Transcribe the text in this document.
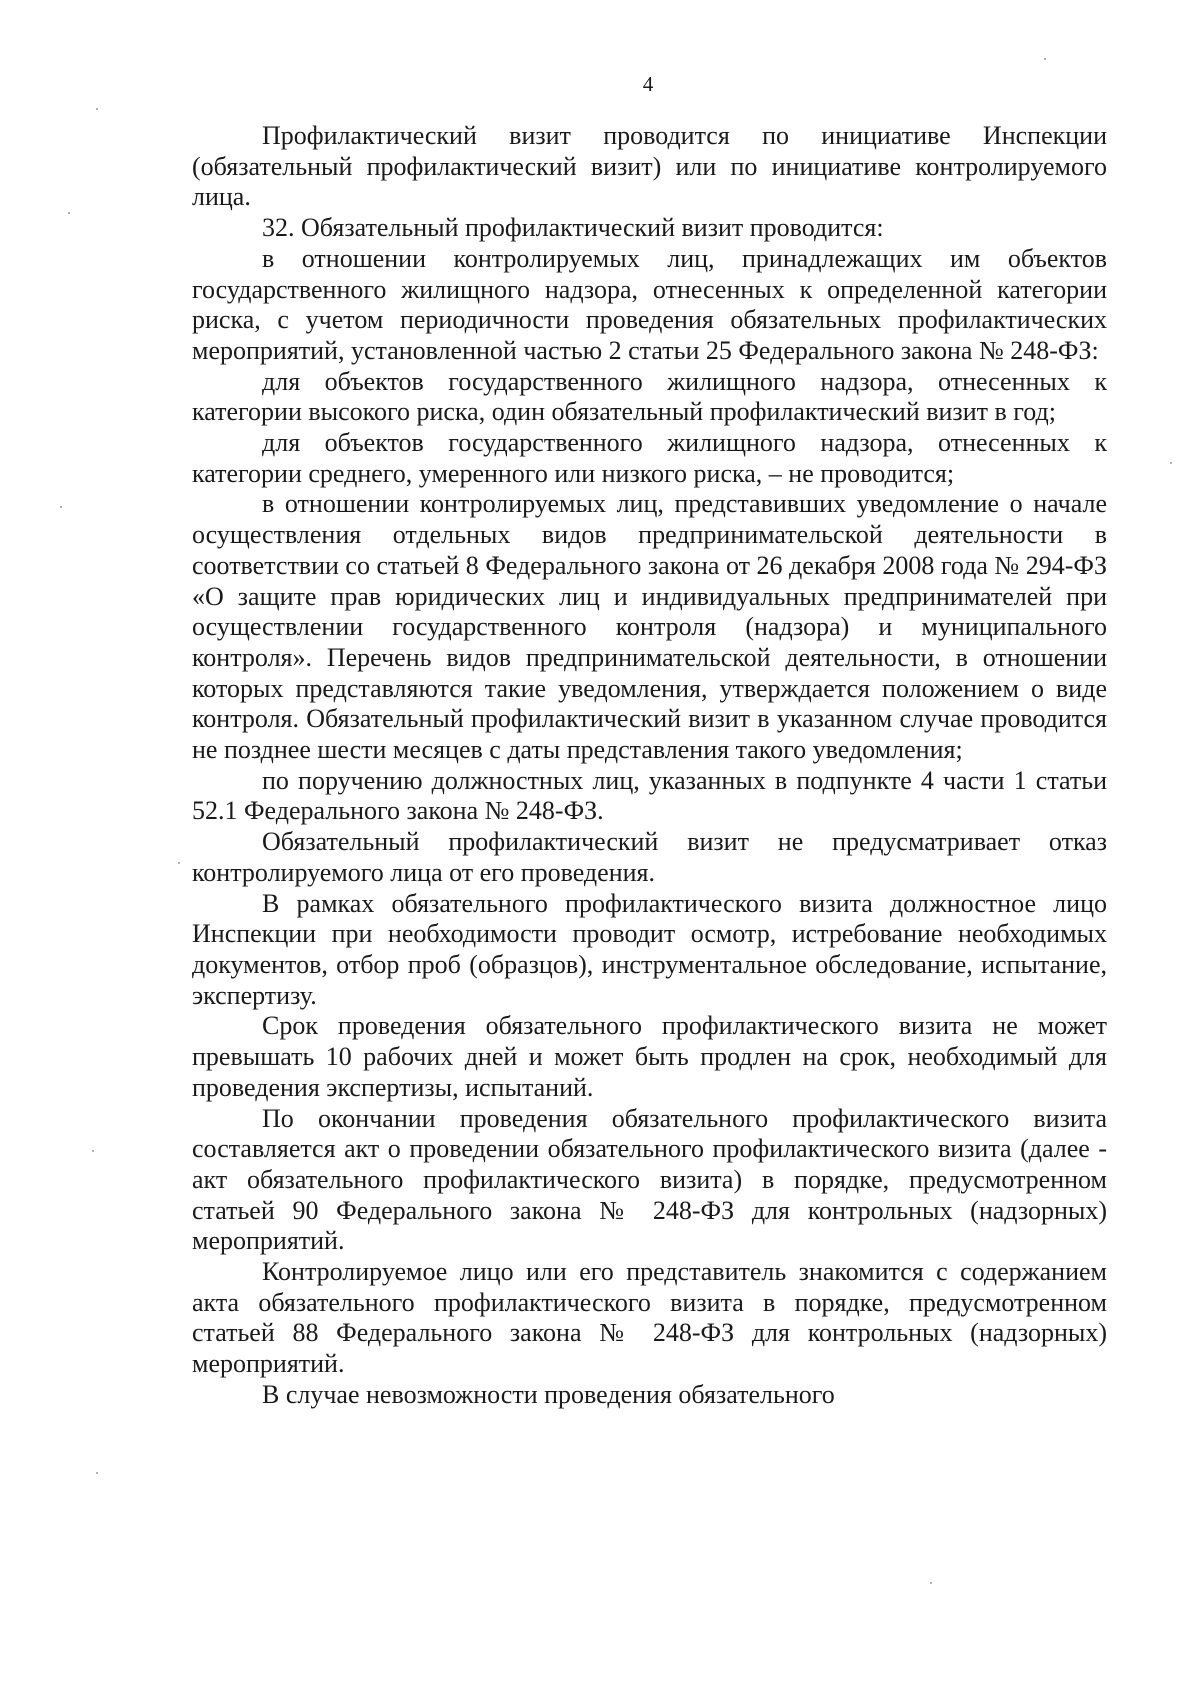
4

Профилактический визит проводится по инициативе Инспекции (обязательный профилактический визит) или по инициативе контролируемого лица.

32. Обязательный профилактический визит проводится:

в отношении контролируемых лиц, принадлежащих им объектов государственного жилищного надзора, отнесенных к определенной категории риска, с учетом периодичности проведения обязательных профилактических мероприятий, установленной частью 2 статьи 25 Федерального закона № 248-ФЗ:

для объектов государственного жилищного надзора, отнесенных к категории высокого риска, один обязательный профилактический визит в год;

для объектов государственного жилищного надзора, отнесенных к категории среднего, умеренного или низкого риска, – не проводится;

в отношении контролируемых лиц, представивших уведомление о начале осуществления отдельных видов предпринимательской деятельности в соответствии со статьей 8 Федерального закона от 26 декабря 2008 года № 294-ФЗ «О защите прав юридических лиц и индивидуальных предпринимателей при осуществлении государственного контроля (надзора) и муниципального контроля». Перечень видов предпринимательской деятельности, в отношении которых представляются такие уведомления, утверждается положением о виде контроля. Обязательный профилактический визит в указанном случае проводится не позднее шести месяцев с даты представления такого уведомления;

по поручению должностных лиц, указанных в подпункте 4 части 1 статьи 52.1 Федерального закона № 248-ФЗ.

Обязательный профилактический визит не предусматривает отказ контролируемого лица от его проведения.

В рамках обязательного профилактического визита должностное лицо Инспекции при необходимости проводит осмотр, истребование необходимых документов, отбор проб (образцов), инструментальное обследование, испытание, экспертизу.

Срок проведения обязательного профилактического визита не может превышать 10 рабочих дней и может быть продлен на срок, необходимый для проведения экспертизы, испытаний.

По окончании проведения обязательного профилактического визита составляется акт о проведении обязательного профилактического визита (далее - акт обязательного профилактического визита) в порядке, предусмотренном статьей 90 Федерального закона № 248-ФЗ для контрольных (надзорных) мероприятий.

Контролируемое лицо или его представитель знакомится с содержанием акта обязательного профилактического визита в порядке, предусмотренном статьей 88 Федерального закона № 248-ФЗ для контрольных (надзорных) мероприятий.

В случае невозможности проведения обязательного
